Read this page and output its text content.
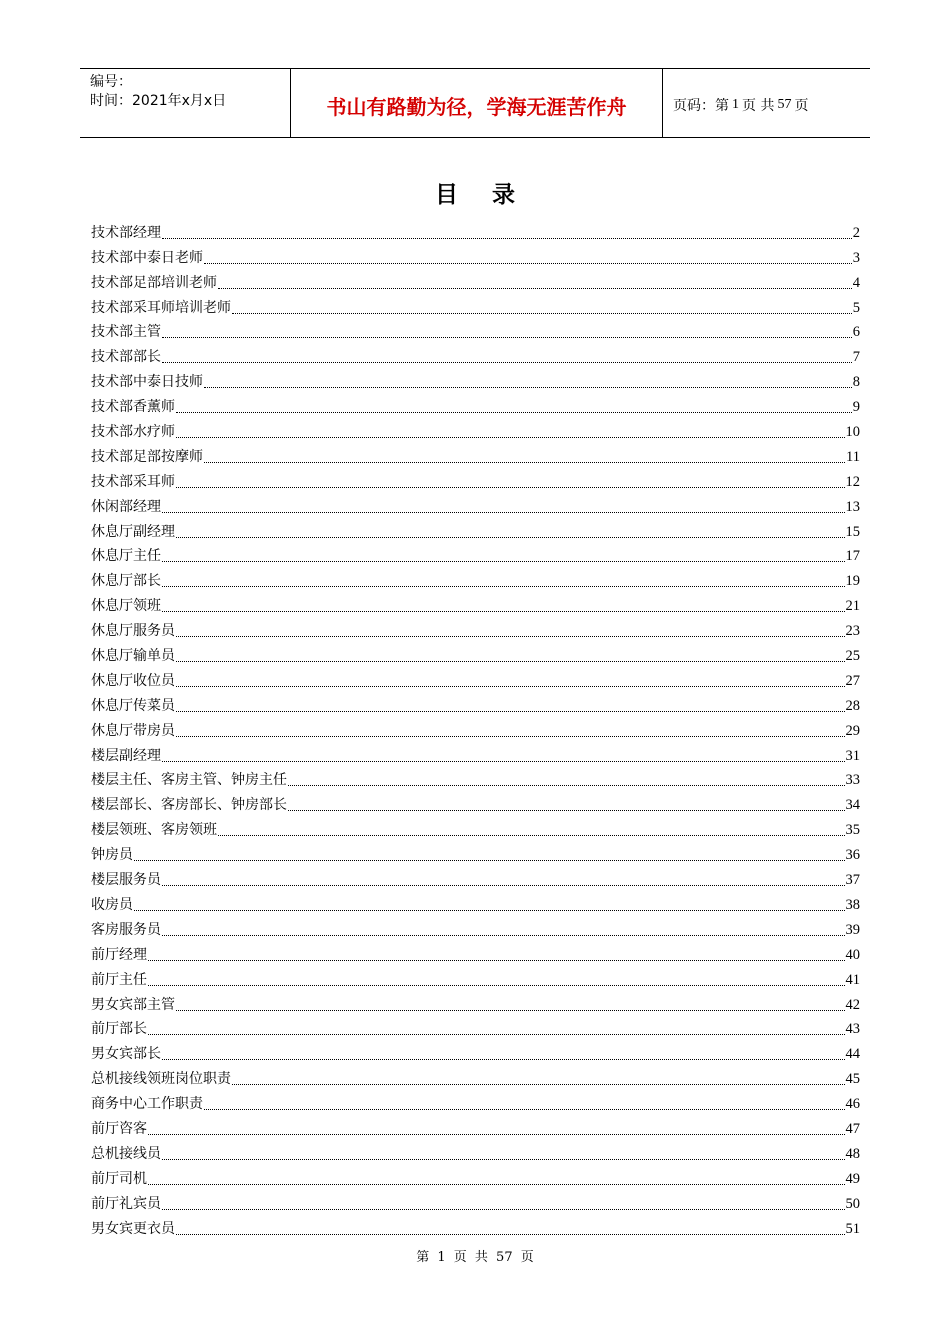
编号：
时间：2021年x月x日	书山有路勤为径，学海无涯苦作舟	页码：第 1 页 共 57 页
目录
技术部经理	2
技术部中泰日老师	3
技术部足部培训老师	4
技术部采耳师培训老师	5
技术部主管	6
技术部部长	7
技术部中泰日技师	8
技术部香薰师	9
技术部水疗师	10
技术部足部按摩师	11
技术部采耳师	12
休闲部经理	13
休息厅副经理	15
休息厅主任	17
休息厅部长	19
休息厅领班	21
休息厅服务员	23
休息厅输单员	25
休息厅收位员	27
休息厅传菜员	28
休息厅带房员	29
楼层副经理	31
楼层主任、客房主管、钟房主任	33
楼层部长、客房部长、钟房部长	34
楼层领班、客房领班	35
钟房员	36
楼层服务员	37
收房员	38
客房服务员	39
前厅经理	40
前厅主任	41
男女宾部主管	42
前厅部长	43
男女宾部长	44
总机接线领班岗位职责	45
商务中心工作职责	46
前厅咨客	47
总机接线员	48
前厅司机	49
前厅礼宾员	50
男女宾更衣员	51
第 1 页 共 57 页
